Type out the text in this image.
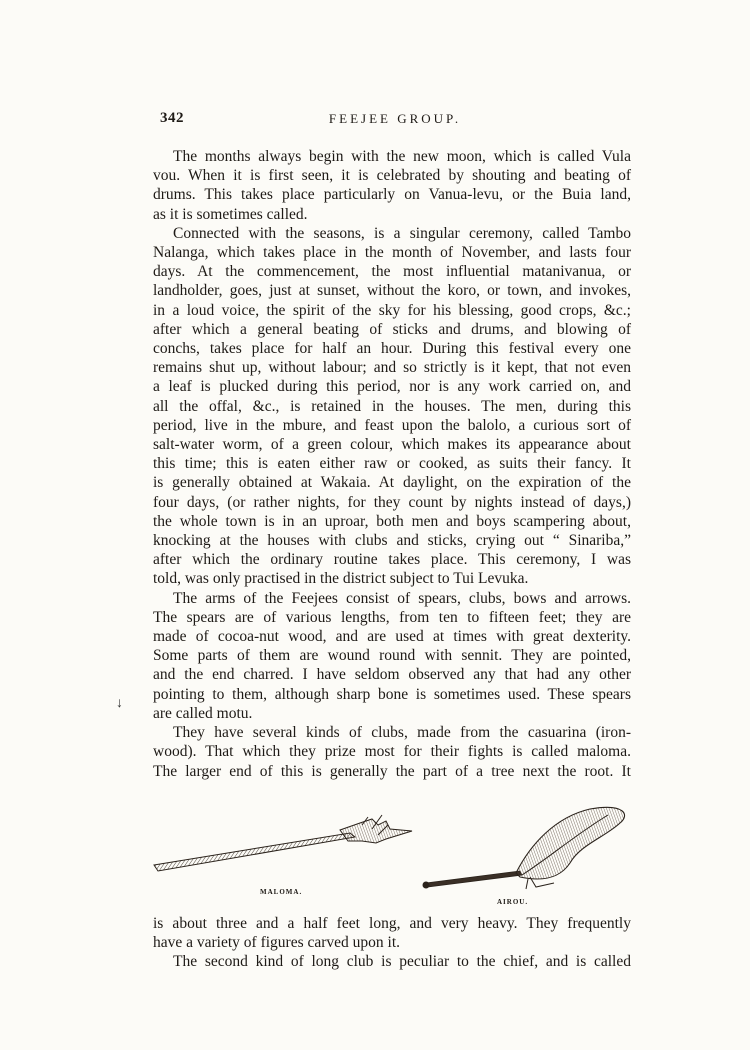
342	FEEJEE GROUP.
↓

The months always begin with the new moon, which is called Vula

vou. When it is first seen, it is celebrated by shouting and beating of

drums. This takes place particularly on Vanua-levu, or the Buia land,

as it is sometimes called.

Connected with the seasons, is a singular ceremony, called Tambo

Nalanga, which takes place in the month of November, and lasts four

days. At the commencement, the most influential matanivanua, or

landholder, goes, just at sunset, without the koro, or town, and invokes,

in a loud voice, the spirit of the sky for his blessing, good crops, &c.;

after which a general beating of sticks and drums, and blowing of

conchs, takes place for half an hour. During this festival every one

remains shut up, without labour; and so strictly is it kept, that not even

a leaf is plucked during this period, nor is any work carried on, and

all the offal, &c., is retained in the houses. The men, during this

period, live in the mbure, and feast upon the balolo, a curious sort of

salt-water worm, of a green colour, which makes its appearance about

this time; this is eaten either raw or cooked, as suits their fancy. It

is generally obtained at Wakaia. At daylight, on the expiration of the

four days, (or rather nights, for they count by nights instead of days,)

the whole town is in an uproar, both men and boys scampering about,

knocking at the houses with clubs and sticks, crying out “ Sinariba,”

after which the ordinary routine takes place. This ceremony, I was

told, was only practised in the district subject to Tui Levuka.

The arms of the Feejees consist of spears, clubs, bows and arrows.

The spears are of various lengths, from ten to fifteen feet; they are

made of cocoa-nut wood, and are used at times with great dexterity.

Some parts of them are wound round with sennit. They are pointed,

and the end charred. I have seldom observed any that had any other

pointing to them, although sharp bone is sometimes used. These spears

are called motu.

They have several kinds of clubs, made from the casuarina (iron-

wood). That which they prize most for their fights is called maloma.

The larger end of this is generally the part of a tree next the root. It

MALOMA.
AIROU.

is about three and a half feet long, and very heavy. They frequently

have a variety of figures carved upon it.

The second kind of long club is peculiar to the chief, and is called
